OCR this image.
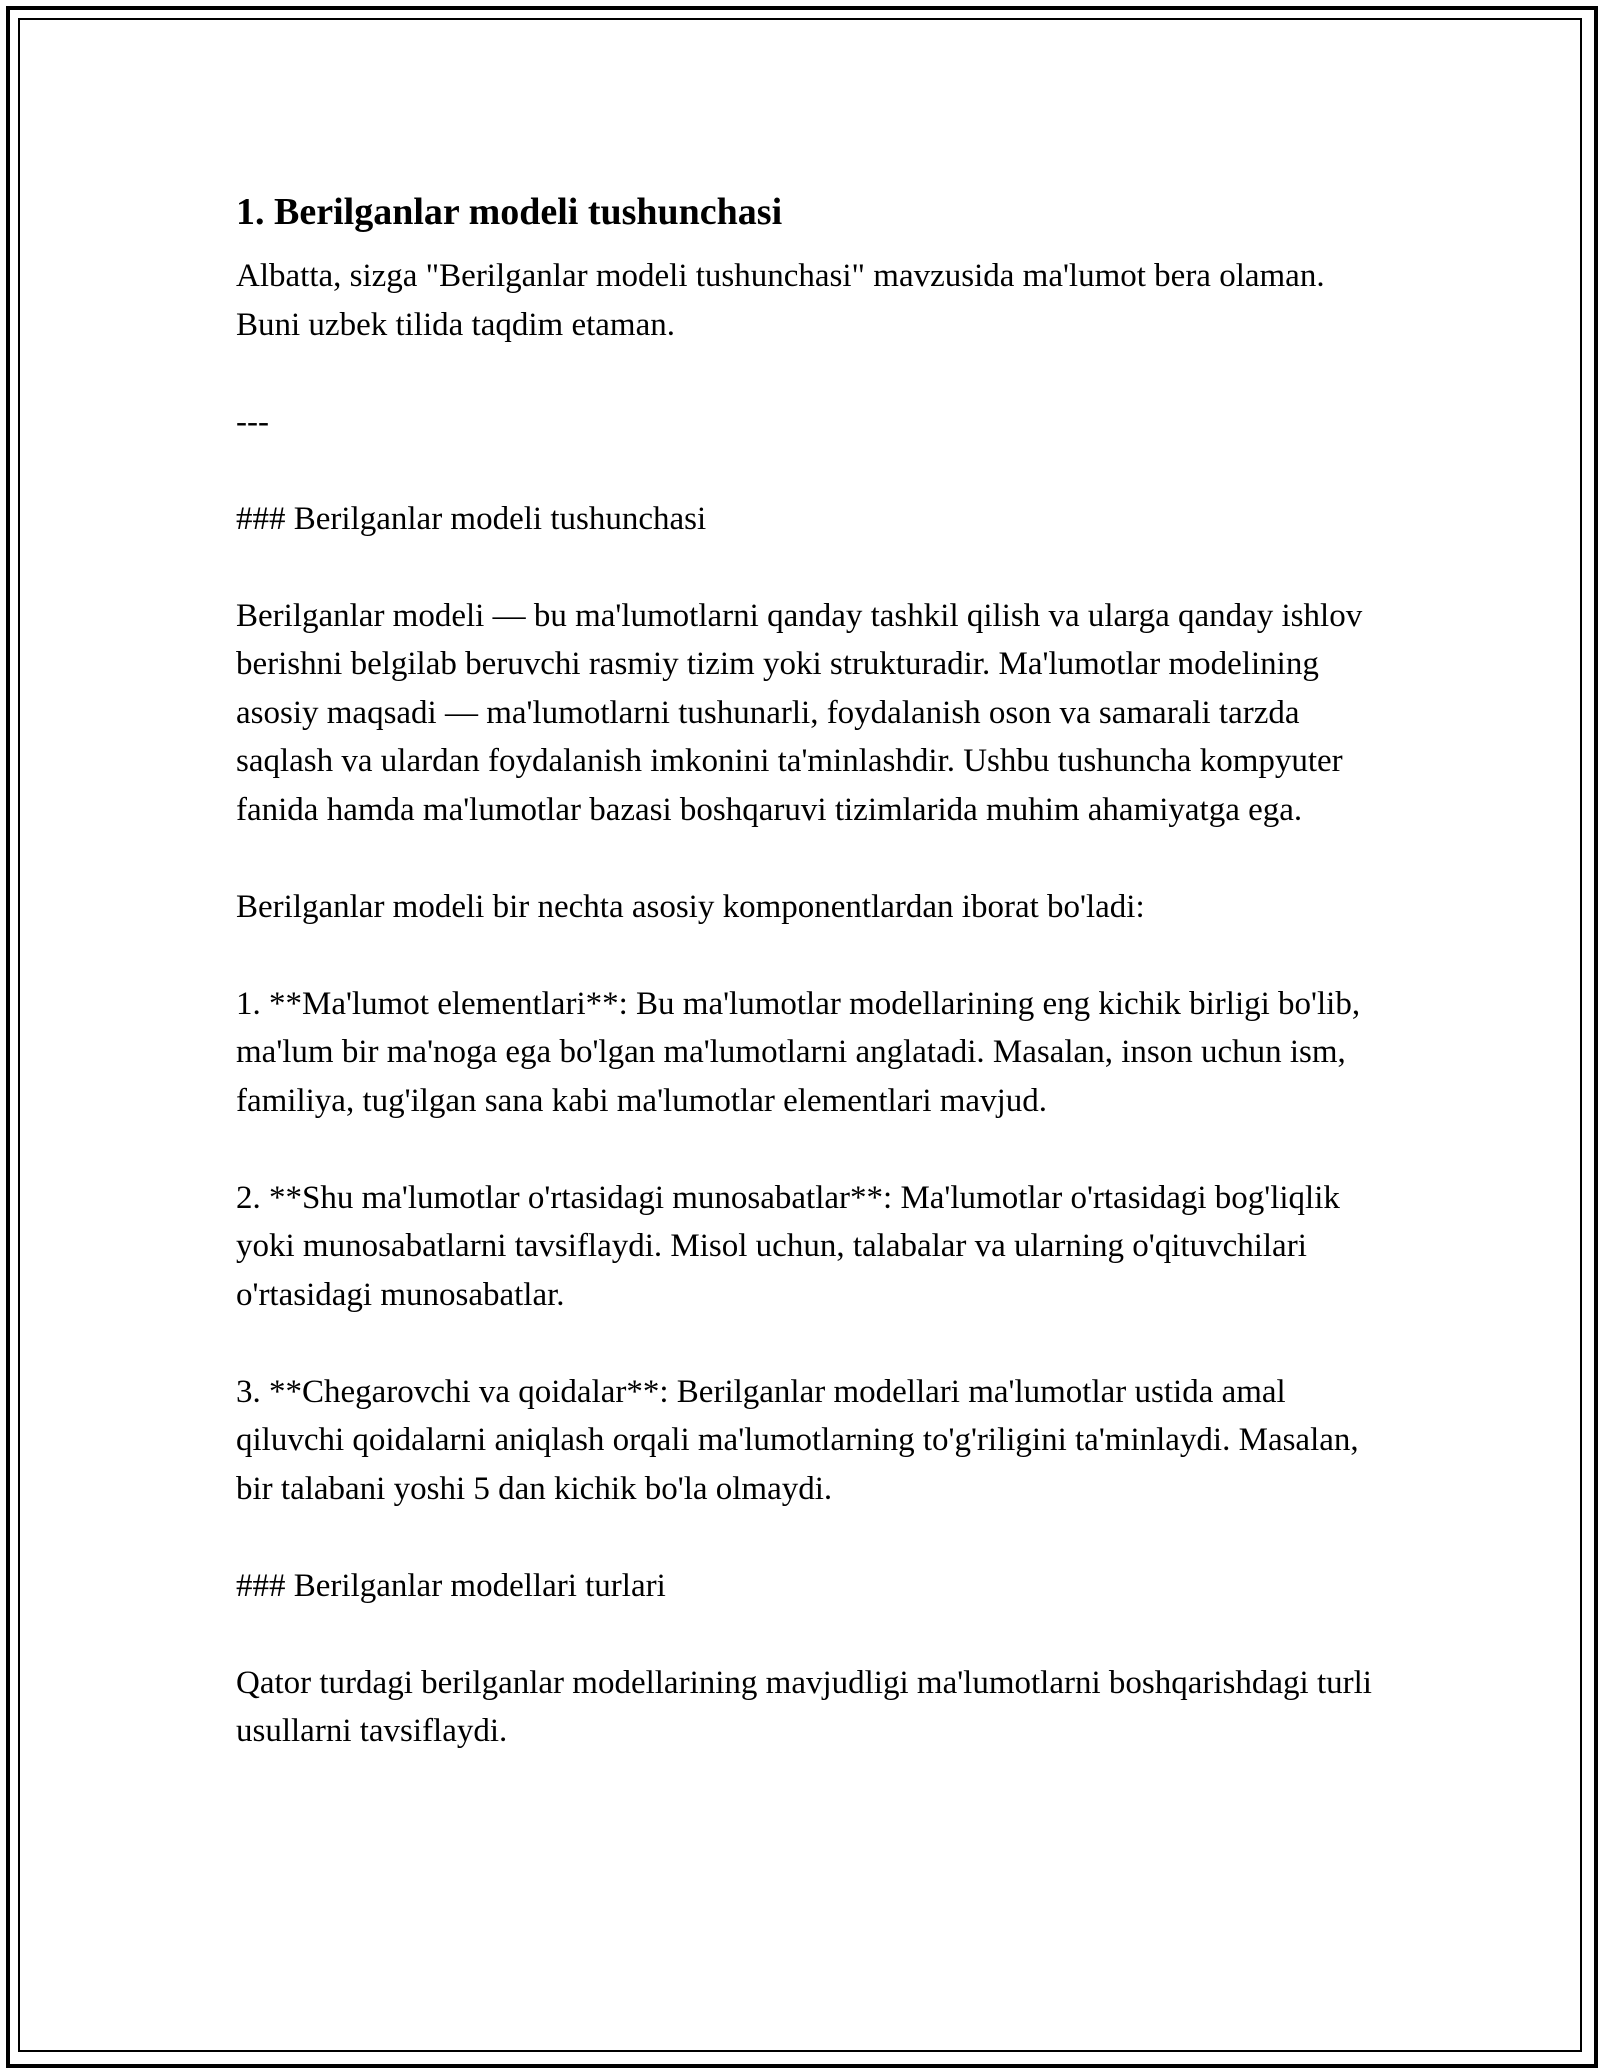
1. Berilganlar modeli tushunchasi

Albatta, sizga "Berilganlar modeli tushunchasi" mavzusida ma'lumot bera olaman. Buni uzbek tilida taqdim etaman.

---

### Berilganlar modeli tushunchasi

Berilganlar modeli — bu ma'lumotlarni qanday tashkil qilish va ularga qanday ishlov berishni belgilab beruvchi rasmiy tizim yoki strukturadir. Ma'lumotlar modelining asosiy maqsadi — ma'lumotlarni tushunarli, foydalanish oson va samarali tarzda saqlash va ulardan foydalanish imkonini ta'minlashdir. Ushbu tushuncha kompyuter fanida hamda ma'lumotlar bazasi boshqaruvi tizimlarida muhim ahamiyatga ega.

Berilganlar modeli bir nechta asosiy komponentlardan iborat bo'ladi:

1. **Ma'lumot elementlari**: Bu ma'lumotlar modellarining eng kichik birligi bo'lib, ma'lum bir ma'noga ega bo'lgan ma'lumotlarni anglatadi. Masalan, inson uchun ism, familiya, tug'ilgan sana kabi ma'lumotlar elementlari mavjud.

2. **Shu ma'lumotlar o'rtasidagi munosabatlar**: Ma'lumotlar o'rtasidagi bog'liqlik yoki munosabatlarni tavsiflaydi. Misol uchun, talabalar va ularning o'qituvchilari o'rtasidagi munosabatlar.

3. **Chegarovchi va qoidalar**: Berilganlar modellari ma'lumotlar ustida amal qiluvchi qoidalarni aniqlash orqali ma'lumotlarning to'g'riligini ta'minlaydi. Masalan, bir talabani yoshi 5 dan kichik bo'la olmaydi.

### Berilganlar modellari turlari

Qator turdagi berilganlar modellarining mavjudligi ma'lumotlarni boshqarishdagi turli usullarni tavsiflaydi.
